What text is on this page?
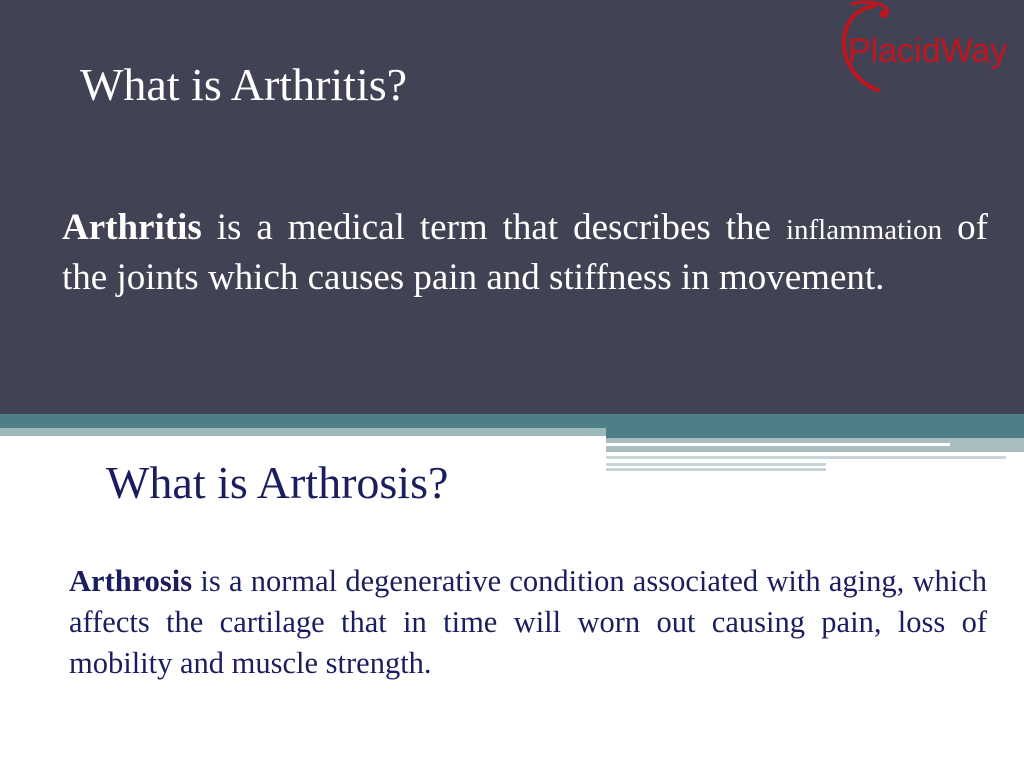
PlacidWay
What is Arthritis?
Arthritis is a medical term that describes the inflammation of the joints which causes pain and stiffness in movement.
What is Arthrosis?
Arthrosis is a normal degenerative condition associated with aging, which affects the cartilage that in time will worn out causing pain, loss of mobility and muscle strength.
